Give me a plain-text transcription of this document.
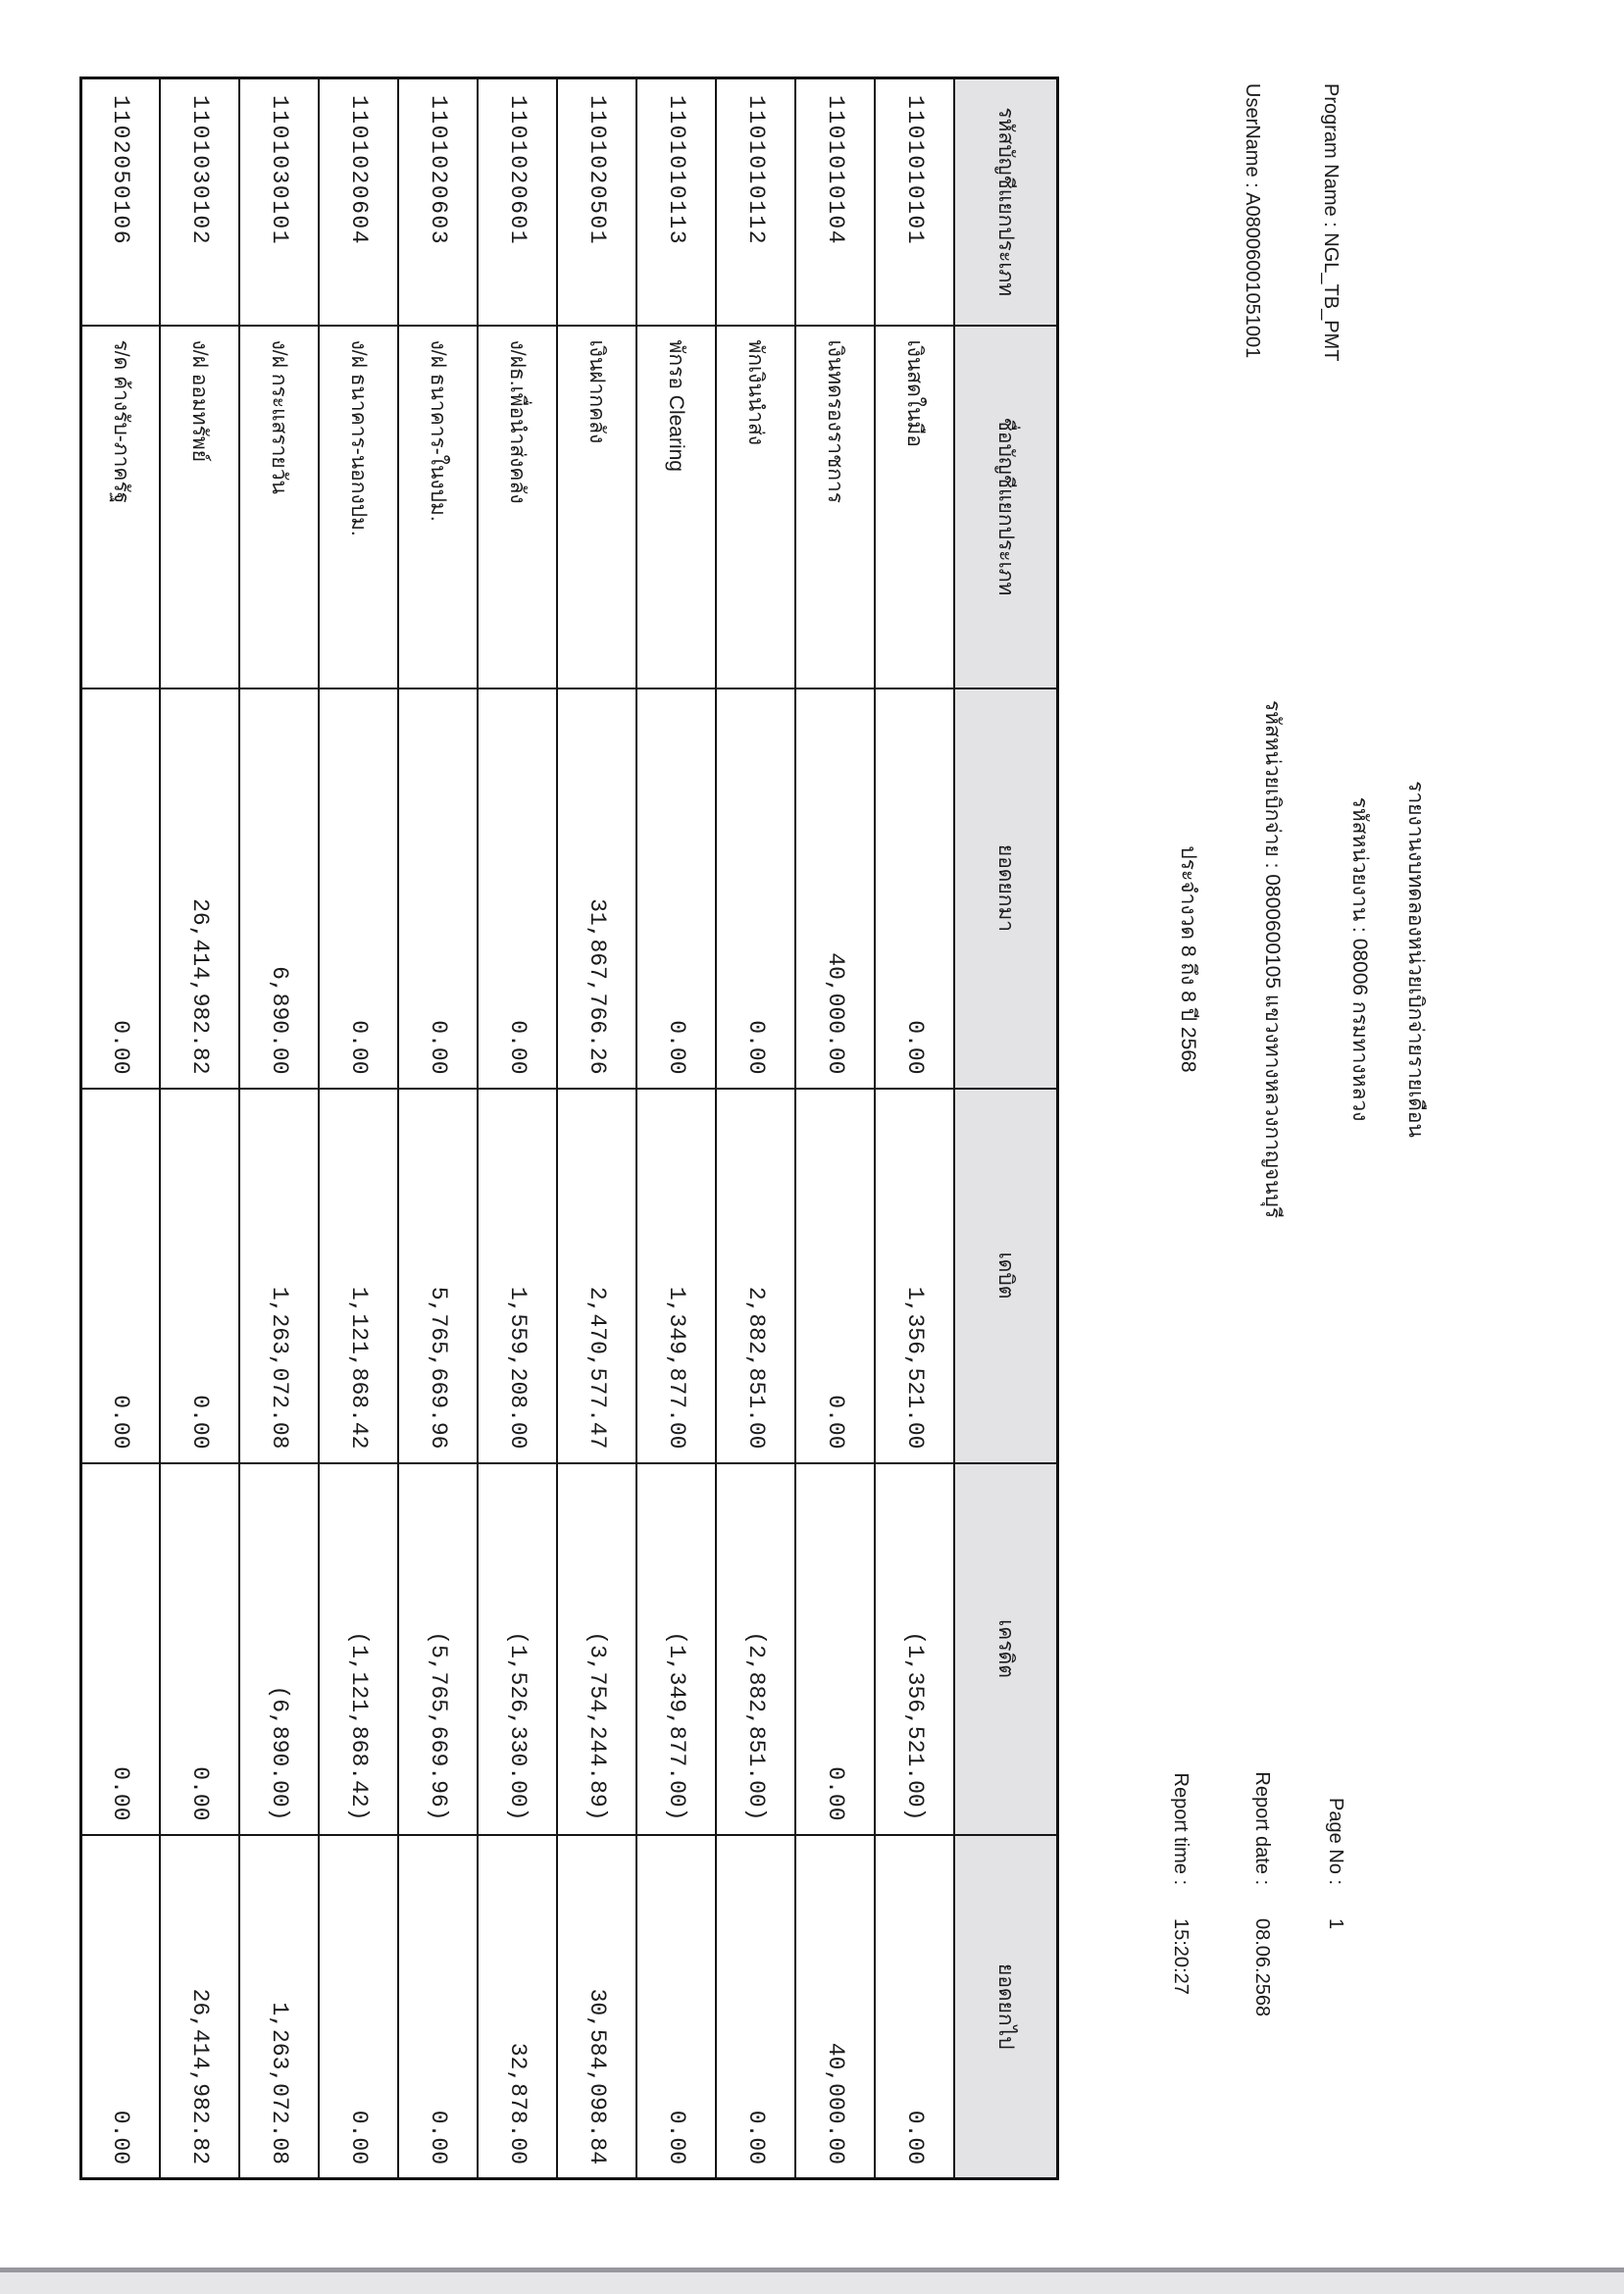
Program Name : NGL_TB_PMT
UserName : A08006001051001
รายงานงบทดลองหน่วยเบิกจ่ายรายเดือน
รหัสหน่วยงาน : 08006 กรมทางหลวง
รหัสหน่วยเบิกจ่าย : 0800600105 แขวงทางหลวงกาญจนบุรี
ประจำงวด 8 ถึง 8 ปี 2568
Page No :
1
Report date :
08.06.2568
Report time :
15:20:27
รหัสบัญชีแยกประเภท	ชื่อบัญชีแยกประเภท	ยอดยกมา	เดบิต	เครดิต	ยอดยกไป
1101010101	เงินสดในมือ	0.00	1,356,521.00	(1,356,521.00)	0.00
1101010104	เงินทดรองราชการ	40,000.00	0.00	0.00	40,000.00
1101010112	พักเงินนำส่ง	0.00	2,882,851.00	(2,882,851.00)	0.00
1101010113	พักรอ Clearing	0.00	1,349,877.00	(1,349,877.00)	0.00
1101020501	เงินฝากคลัง	31,867,766.26	2,470,577.47	(3,754,244.89)	30,584,098.84
1101020601	ง/ฝธ.เพื่อนำส่งคลัง	0.00	1,559,208.00	(1,526,330.00)	32,878.00
1101020603	ง/ฝ ธนาคาร-ในงปม.	0.00	5,765,669.96	(5,765,669.96)	0.00
1101020604	ง/ฝ ธนาคาร-นอกงปม.	0.00	1,121,868.42	(1,121,868.42)	0.00
1101030101	ง/ฝ กระแสรายวัน	6,890.00	1,263,072.08	(6,890.00)	1,263,072.08
1101030102	ง/ฝ ออมทรัพย์	26,414,982.82	0.00	0.00	26,414,982.82
1102050106	ร/ด ค้างรับ-ภาครัฐ	0.00	0.00	0.00	0.00
